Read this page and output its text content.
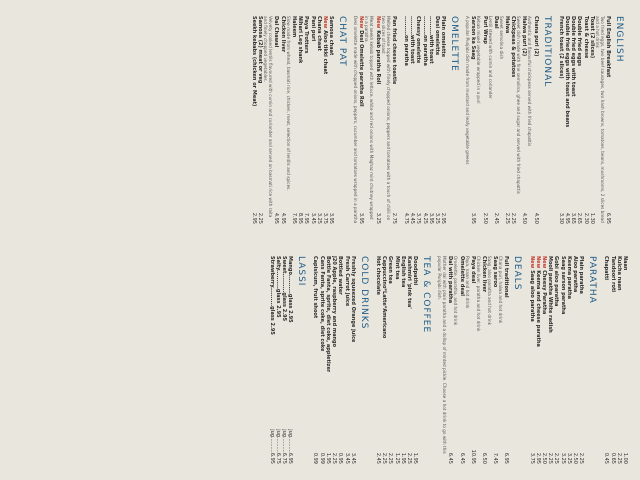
ENGLISH
Full English Breakfast
6.95
Two fried eggs, two beef sausages, two hash browns, tomatoes, beans, mushrooms, 2 slices bread and a hot drink
Toast (2 slices)
1.30
Toast & cheese
2.30
Double fried eggs
2.65
Double fried eggs with toast
3.65
Double fried eggs with toast and beans
4.95
French toast (2 slices)
3.30
TRADITIONAL
Chana puri (2)
4.50
Authentic and flavourful chickpeas served with fried chapattis
Halwa puri (2)
4.50
Sweet dish made with fine semolina, ghee and sugar and served with fried chapattis
Chickpeas & potatoes
2.25
Halwa
2.25
Sweet semolina dish
Daal
2.45
Lentil stewed with cumin and coriander
Puri Wrap
2.50
Kebab mixed vegetable wrapped in a puri
Sarson ka Saag
3.95
A popular Punjabi dish made from mustard and leafy vegetable greens
OMELETTE
Plain omelette
2.95
Desi omelette
3.25
..........with toast
3.95
..........on paratha
4.25
Cheesy omelette
3.75
..........with toast
4.45
..........on paratha
4.75
Pan fried cheese toastie
2.75
Melted cheese topped with finely chopped onions, peppers and tomatoes with a touch of chilli on two slices of toast
NewKebab paratha Roll
3.25
Meat seekh kebab topped with lettuce, white and red onions with Maghaz mint chutney wrapped in a paratha.
NewDesi Omelette paratha Roll
3.95
Desi omelette made with chopped onions, peppers, cucumber and tomatoes wrapped in a paratha
CHAT PAT
Samosa chaat
3.95
NewAloo tikki chaat
3.75
Chana chaat
3.25
Pani puri
3.45
Paya Trotters
7.95
Nihari Leg shank
8.95
Haleem
7.95
Slow made from wheat, basmati rice, chicken, meat, selection of lentils and spices.
Chicken liver
4.95
Dal Chawal
4.95
Velvety cooked lentils flavoured with cumin and coriander and served on basmati rice with raita and finely chopped vegetables.
Samosa (2) meat or veg
2.25
Seekh kebabs (chicken or Meat)
2.95
Naan
1.00
Kulcha naan
2.25
Tandoori roti
0.65
Chapatti
0.45
PARATHA
Plain paratha
2.25
Aloo paratha
2.50
Keema paratha
3.25
Saag sarson paratha
3.25
Gobi aloo paratha
2.25
Mooli paratha White radish
2.25
NewCheesy Paratha
2.50
NewKeema and cheese paratha
2.95
NewSaag aloo paratha
3.75
DEALS
Full traditional
6.95
Chana puri, halwa and hot drink
Saag saroo
7.45
Saag, aloo paratha and hot drink
Chicken liver
6.50
Chicken liver, paratha and hot drink
Paya deal
10.95
Paya, naan and hot drink
Omelette deal
6.45
Omelette, paratha, and hot drink
Dal with paratha
6.45
Mother dal with plain paratha and a dollop of minted pickle. Choose a hot drink to go with this popular Punjabi dish.
TEA & COFFEE
Doodpathi
1.95
Kashmiri 'pink tea'
2.25
English tea
1.95
Mint tea
1.25
Green tea
2.25
Cappuccino*Latte*Americano
2.25
Hot chocolate
2.45
COLD DRINKS
Freshly squeezed Orange juice
3.45
Fresh Carrot Juice
3.45
Bottled water
0.95
J20 Apple, raspberry and mango
2.25
Bottle Fanta, sprite, diet coke, appletizer
1.95
Cans Fanta, sprite coke, diet coke
0.99
Capisicum, fruit shoot
0.99
LASSI
Mango..........glass 2.95
jug..........6.95
Sweet..........glass 2.95
jug..........6.75
Salty..........glass 2.95
jug..........6.75
Strawberry..........glass 2.95
jug..........6.95
